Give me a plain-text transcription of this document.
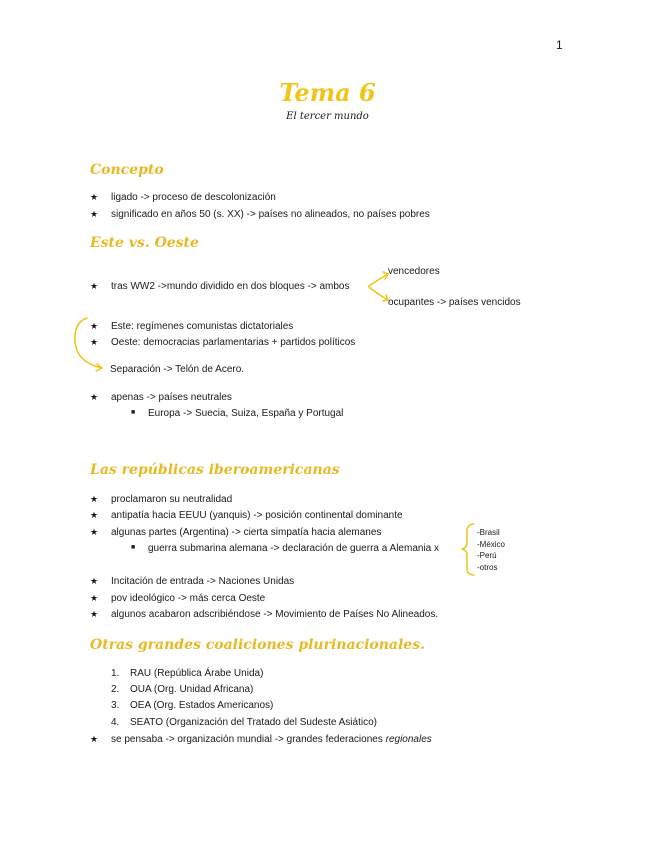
1
Tema 6
El tercer mundo
Concepto
★ ligado -> proceso de descolonización
★ significado en años 50 (s. XX) -> países no alineados, no países pobres
Este vs. Oeste
vencedores
★ tras WW2 ->mundo dividido en dos bloques -> ambos
ocupantes -> países vencidos
★ Este: regímenes comunistas dictatoriales
★ Oeste: democracias parlamentarias + partidos políticos
Separación -> Telón de Acero.
★ apenas -> países neutrales
■ Europa -> Suecia, Suiza, España y Portugal
Las repúblicas iberoamericanas
★ proclamaron su neutralidad
★ antipatía hacia EEUU (yanquis) -> posición continental dominante
★ algunas partes (Argentina) -> cierta simpatía hacia alemanes
■ guerra submarina alemana -> declaración de guerra a Alemania x
-Brasil
-México
-Perú
-otros
★ Incitación de entrada -> Naciones Unidas
★ pov ideológico -> más cerca Oeste
★ algunos acabaron adscribiéndose -> Movimiento de Países No Alineados.
Otras grandes coaliciones plurinacionales.
1. RAU (República Árabe Unida)
2. OUA (Org. Unidad Africana)
3. OEA (Org. Estados Americanos)
4. SEATO (Organización del Tratado del Sudeste Asiático)
★ se pensaba -> organización mundial -> grandes federaciones regionales
